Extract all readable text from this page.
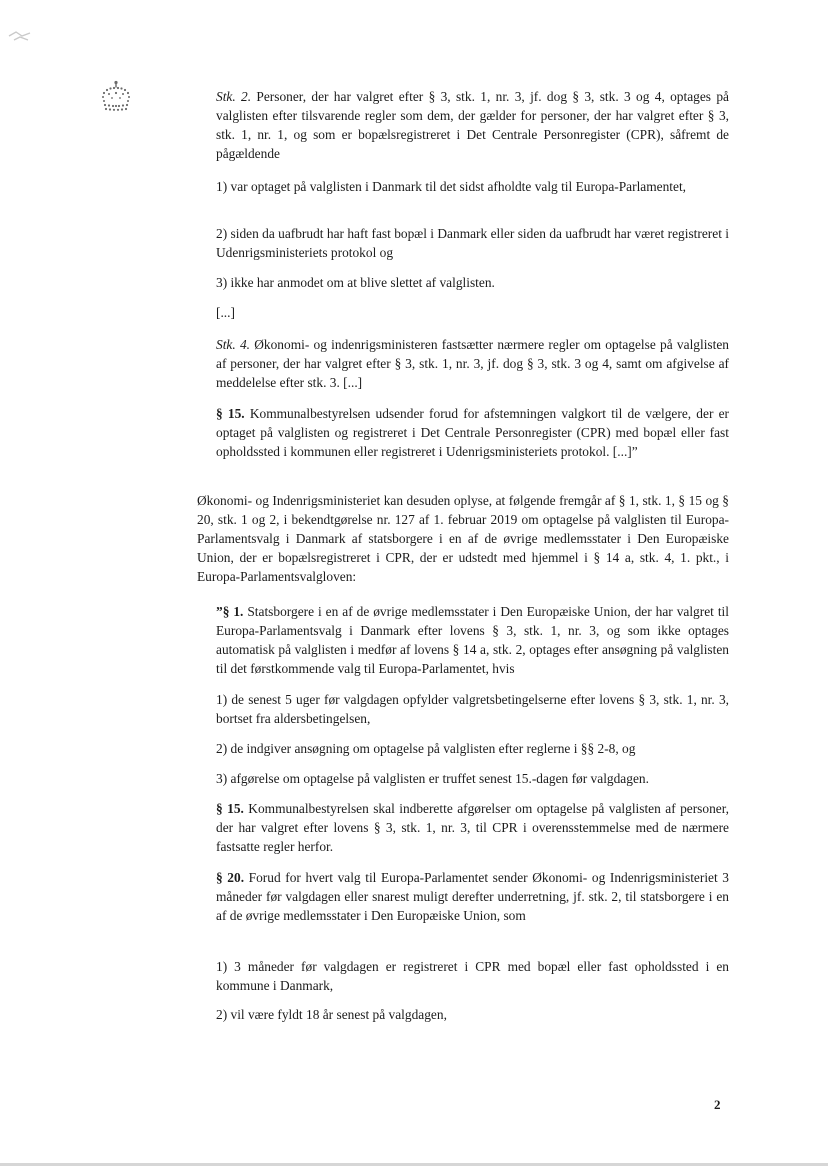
Stk. 2. Personer, der har valgret efter § 3, stk. 1, nr. 3, jf. dog § 3, stk. 3 og 4, optages på valglisten efter tilsvarende regler som dem, der gælder for personer, der har valgret efter § 3, stk. 1, nr. 1, og som er bopælsregistreret i Det Centrale Personregister (CPR), såfremt de pågældende

1) var optaget på valglisten i Danmark til det sidst afholdte valg til Europa-Parlamentet,

2) siden da uafbrudt har haft fast bopæl i Danmark eller siden da uafbrudt har været registreret i Udenrigsministeriets protokol og

3) ikke har anmodet om at blive slettet af valglisten.

[...]

Stk. 4. Økonomi- og indenrigsministeren fastsætter nærmere regler om optagelse på valglisten af personer, der har valgret efter § 3, stk. 1, nr. 3, jf. dog § 3, stk. 3 og 4, samt om afgivelse af meddelelse efter stk. 3. [...]

§ 15. Kommunalbestyrelsen udsender forud for afstemningen valgkort til de vælgere, der er optaget på valglisten og registreret i Det Centrale Personregister (CPR) med bopæl eller fast opholdssted i kommunen eller registreret i Udenrigsministeriets protokol. [...]”

Økonomi- og Indenrigsministeriet kan desuden oplyse, at følgende fremgår af § 1, stk. 1, § 15 og § 20, stk. 1 og 2, i bekendtgørelse nr. 127 af 1. februar 2019 om optagelse på valglisten til Europa-Parlamentsvalg i Danmark af statsborgere i en af de øvrige medlemsstater i Den Europæiske Union, der er bopælsregistreret i CPR, der er udstedt med hjemmel i § 14 a, stk. 4, 1. pkt., i Europa-Parlamentsvalgloven:

”§ 1. Statsborgere i en af de øvrige medlemsstater i Den Europæiske Union, der har valgret til Europa-Parlamentsvalg i Danmark efter lovens § 3, stk. 1, nr. 3, og som ikke optages automatisk på valglisten i medfør af lovens § 14 a, stk. 2, optages efter ansøgning på valglisten til det førstkommende valg til Europa-Parlamentet, hvis

1) de senest 5 uger før valgdagen opfylder valgretsbetingelserne efter lovens § 3, stk. 1, nr. 3, bortset fra aldersbetingelsen,

2) de indgiver ansøgning om optagelse på valglisten efter reglerne i §§ 2-8, og

3) afgørelse om optagelse på valglisten er truffet senest 15.-dagen før valgdagen.

§ 15. Kommunalbestyrelsen skal indberette afgørelser om optagelse på valglisten af personer, der har valgret efter lovens § 3, stk. 1, nr. 3, til CPR i overensstemmelse med de nærmere fastsatte regler herfor.

§ 20. Forud for hvert valg til Europa-Parlamentet sender Økonomi- og Indenrigsministeriet 3 måneder før valgdagen eller snarest muligt derefter underretning, jf. stk. 2, til statsborgere i en af de øvrige medlemsstater i Den Europæiske Union, som

1) 3 måneder før valgdagen er registreret i CPR med bopæl eller fast opholdssted i en kommune i Danmark,

2) vil være fyldt 18 år senest på valgdagen,

2
